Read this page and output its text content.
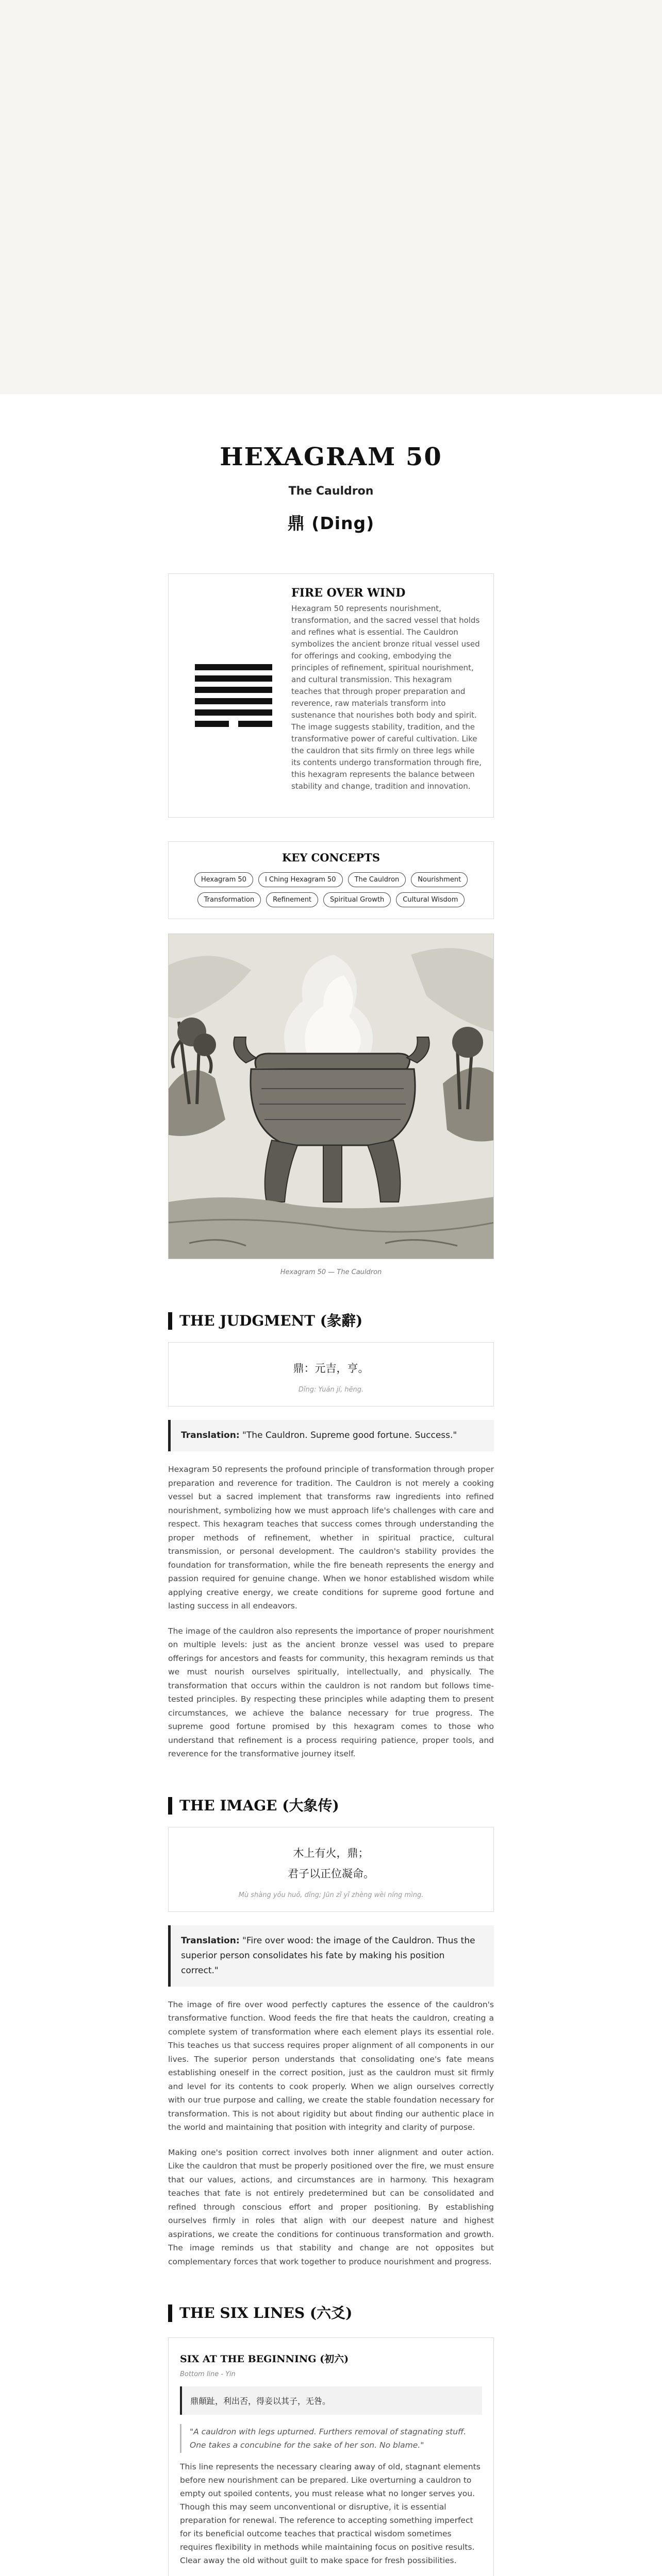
HEXAGRAM 50
The Cauldron
鼎 (Ding)
FIRE OVER WIND

Hexagram 50 represents nourishment, transformation, and the sacred vessel that holds and refines what is essential. The Cauldron symbolizes the ancient bronze ritual vessel used for offerings and cooking, embodying the principles of refinement, spiritual nourishment, and cultural transmission. This hexagram teaches that through proper preparation and reverence, raw materials transform into sustenance that nourishes both body and spirit. The image suggests stability, tradition, and the transformative power of careful cultivation. Like the cauldron that sits firmly on three legs while its contents undergo transformation through fire, this hexagram represents the balance between stability and change, tradition and innovation.

KEY CONCEPTS
Hexagram 50	I Ching Hexagram 50	The Cauldron	Nourishment
Transformation	Refinement	Spiritual Growth	Cultural Wisdom
Hexagram 50 — The Cauldron
THE JUDGMENT (彖辭)
鼎：元吉，亨。
Dǐng: Yuán jí, hēng.
Translation: "The Cauldron. Supreme good fortune. Success."

Hexagram 50 represents the profound principle of transformation through proper preparation and reverence for tradition. The Cauldron is not merely a cooking vessel but a sacred implement that transforms raw ingredients into refined nourishment, symbolizing how we must approach life's challenges with care and respect. This hexagram teaches that success comes through understanding the proper methods of refinement, whether in spiritual practice, cultural transmission, or personal development. The cauldron's stability provides the foundation for transformation, while the fire beneath represents the energy and passion required for genuine change. When we honor established wisdom while applying creative energy, we create conditions for supreme good fortune and lasting success in all endeavors.

The image of the cauldron also represents the importance of proper nourishment on multiple levels: just as the ancient bronze vessel was used to prepare offerings for ancestors and feasts for community, this hexagram reminds us that we must nourish ourselves spiritually, intellectually, and physically. The transformation that occurs within the cauldron is not random but follows time-tested principles. By respecting these principles while adapting them to present circumstances, we achieve the balance necessary for true progress. The supreme good fortune promised by this hexagram comes to those who understand that refinement is a process requiring patience, proper tools, and reverence for the transformative journey itself.

THE IMAGE (大象传)
木上有火，鼎；
君子以正位凝命。
Mù shàng yǒu huǒ, dǐng; Jūn zǐ yǐ zhèng wèi níng mìng.
Translation: "Fire over wood: the image of the Cauldron. Thus the superior person consolidates his fate by making his position correct."

The image of fire over wood perfectly captures the essence of the cauldron's transformative function. Wood feeds the fire that heats the cauldron, creating a complete system of transformation where each element plays its essential role. This teaches us that success requires proper alignment of all components in our lives. The superior person understands that consolidating one's fate means establishing oneself in the correct position, just as the cauldron must sit firmly and level for its contents to cook properly. When we align ourselves correctly with our true purpose and calling, we create the stable foundation necessary for transformation. This is not about rigidity but about finding our authentic place in the world and maintaining that position with integrity and clarity of purpose.

Making one's position correct involves both inner alignment and outer action. Like the cauldron that must be properly positioned over the fire, we must ensure that our values, actions, and circumstances are in harmony. This hexagram teaches that fate is not entirely predetermined but can be consolidated and refined through conscious effort and proper positioning. By establishing ourselves firmly in roles that align with our deepest nature and highest aspirations, we create the conditions for continuous transformation and growth. The image reminds us that stability and change are not opposites but complementary forces that work together to produce nourishment and progress.

THE SIX LINES (六爻)
SIX AT THE BEGINNING (初六)
Bottom line - Yin
鼎顛趾，利出否，得妾以其子，无咎。
"A cauldron with legs upturned. Furthers removal of stagnating stuff. One takes a concubine for the sake of her son. No blame."

This line represents the necessary clearing away of old, stagnant elements before new nourishment can be prepared. Like overturning a cauldron to empty out spoiled contents, you must release what no longer serves you. Though this may seem unconventional or disruptive, it is essential preparation for renewal. The reference to accepting something imperfect for its beneficial outcome teaches that practical wisdom sometimes requires flexibility in methods while maintaining focus on positive results. Clear away the old without guilt to make space for fresh possibilities.
